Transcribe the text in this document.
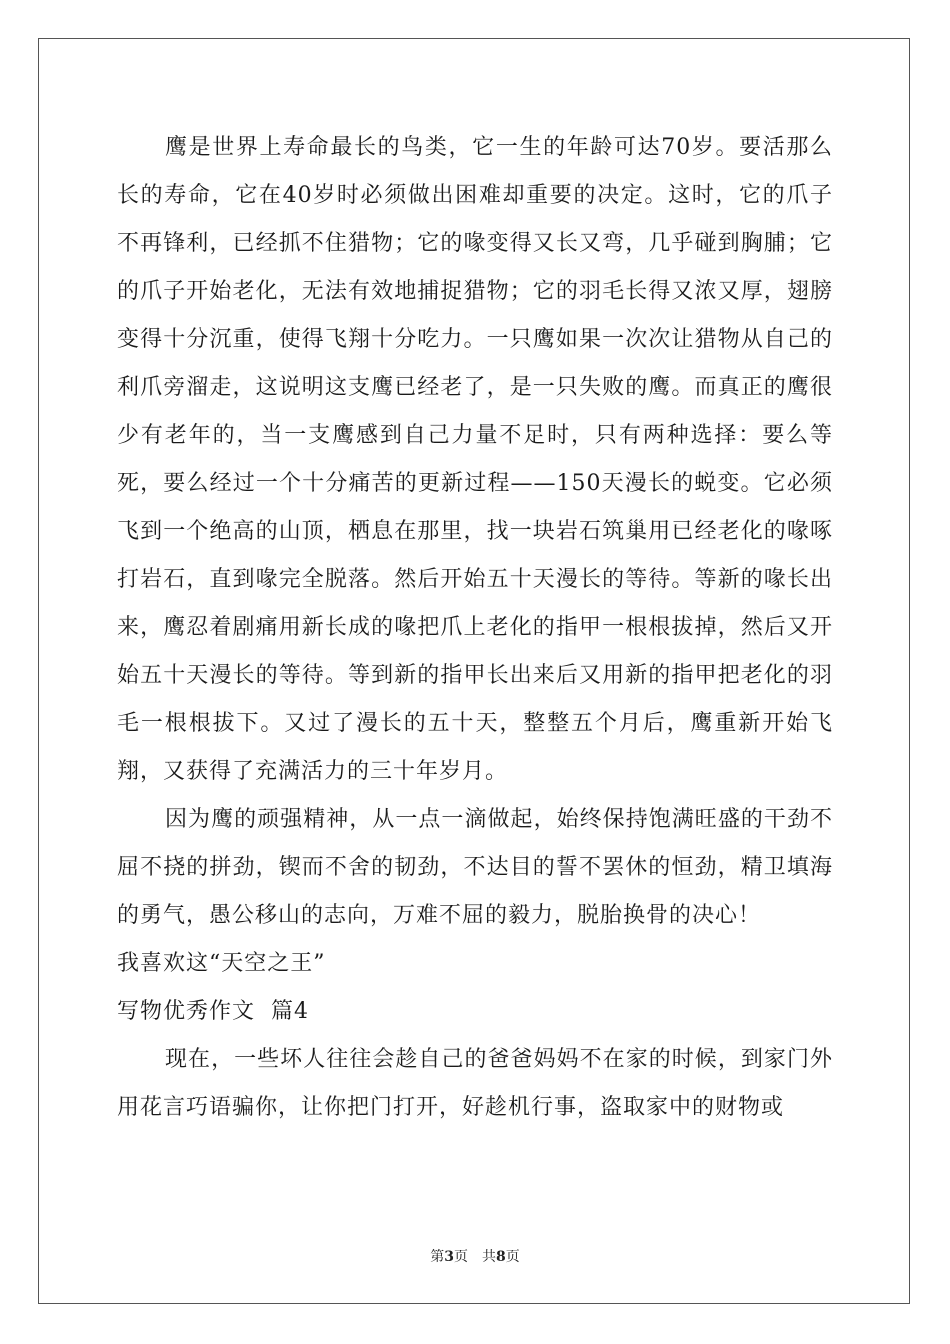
鹰是世界上寿命最长的鸟类，它一生的年龄可达70岁。要活那么长的寿命，它在40岁时必须做出困难却重要的决定。这时，它的爪子不再锋利，已经抓不住猎物；它的喙变得又长又弯，几乎碰到胸脯；它的爪子开始老化，无法有效地捕捉猎物；它的羽毛长得又浓又厚，翅膀变得十分沉重，使得飞翔十分吃力。一只鹰如果一次次让猎物从自己的利爪旁溜走，这说明这支鹰已经老了，是一只失败的鹰。而真正的鹰很少有老年的，当一支鹰感到自己力量不足时，只有两种选择：要么等死，要么经过一个十分痛苦的更新过程——150天漫长的蜕变。它必须飞到一个绝高的山顶，栖息在那里，找一块岩石筑巢用已经老化的喙啄打岩石，直到喙完全脱落。然后开始五十天漫长的等待。等新的喙长出来，鹰忍着剧痛用新长成的喙把爪上老化的指甲一根根拔掉，然后又开始五十天漫长的等待。等到新的指甲长出来后又用新的指甲把老化的羽毛一根根拔下。又过了漫长的五十天，整整五个月后，鹰重新开始飞翔，又获得了充满活力的三十年岁月。

因为鹰的顽强精神，从一点一滴做起，始终保持饱满旺盛的干劲不屈不挠的拼劲，锲而不舍的韧劲，不达目的誓不罢休的恒劲，精卫填海的勇气，愚公移山的志向，万难不屈的毅力，脱胎换骨的决心！

我喜欢这“天空之王”

写物优秀作文  篇4

现在，一些坏人往往会趁自己的爸爸妈妈不在家的时候，到家门外用花言巧语骗你，让你把门打开，好趁机行事，盗取家中的财物或

第3页 共8页
